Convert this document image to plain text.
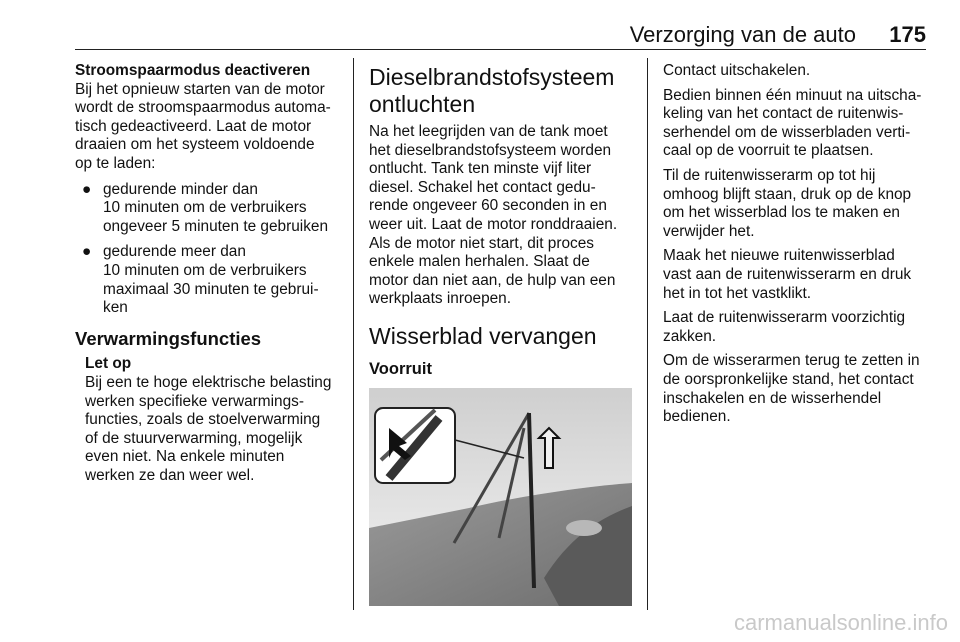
Verzorging van de auto 175
Stroomspaarmodus deactiveren
Bij het opnieuw starten van de motor
wordt de stroomspaarmodus automa-
tisch gedeactiveerd. Laat de motor
draaien om het systeem voldoende
op te laden:
● gedurende minder dan
10 minuten om de verbruikers
ongeveer 5 minuten te gebruiken
● gedurende meer dan
10 minuten om de verbruikers
maximaal 30 minuten te gebrui-
ken
Verwarmingsfuncties
Let op
Bij een te hoge elektrische belasting
werken specifieke verwarmings-
functies, zoals de stoelverwarming
of de stuurverwarming, mogelijk
even niet. Na enkele minuten
werken ze dan weer wel.
Dieselbrandstofsysteem
ontluchten
Na het leegrijden van de tank moet
het dieselbrandstofsysteem worden
ontlucht. Tank ten minste vijf liter
diesel. Schakel het contact gedu-
rende ongeveer 60 seconden in en
weer uit. Laat de motor ronddraaien.
Als de motor niet start, dit proces
enkele malen herhalen. Slaat de
motor dan niet aan, de hulp van een
werkplaats inroepen.
Wisserblad vervangen
Voorruit

Contact uitschakelen.

Bedien binnen één minuut na uitscha-
keling van het contact de ruitenwis-
serhendel om de wisserbladen verti-
caal op de voorruit te plaatsen.

Til de ruitenwisserarm op tot hij
omhoog blijft staan, druk op de knop
om het wisserblad los te maken en
verwijder het.

Maak het nieuwe ruitenwisserblad
vast aan de ruitenwisserarm en druk
het in tot het vastklikt.

Laat de ruitenwisserarm voorzichtig
zakken.

Om de wisserarmen terug te zetten in
de oorspronkelijke stand, het contact
inschakelen en de wisserhendel
bedienen.

carmanualsonline.info
